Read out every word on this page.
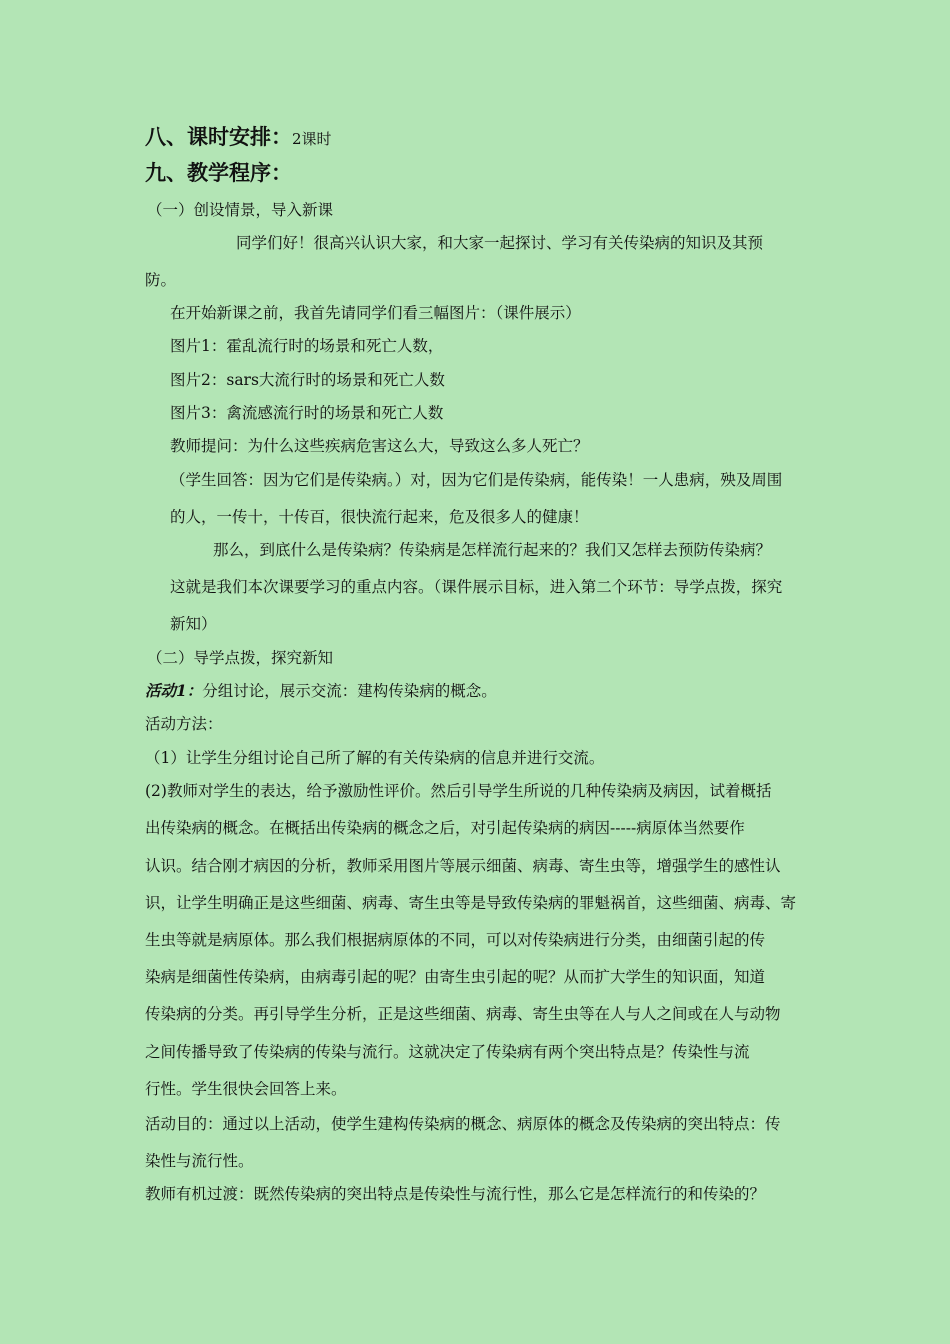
八、课时安排：2课时
九、教学程序：
（一）创设情景，导入新课
同学们好！很高兴认识大家，和大家一起探讨、学习有关传染病的知识及其预
防。
在开始新课之前，我首先请同学们看三幅图片：（课件展示）
图片1：霍乱流行时的场景和死亡人数，
图片2：sars大流行时的场景和死亡人数
图片3：禽流感流行时的场景和死亡人数
教师提问：为什么这些疾病危害这么大，导致这么多人死亡？
（学生回答：因为它们是传染病。）对，因为它们是传染病，能传染！一人患病，殃及周围
的人，一传十，十传百，很快流行起来，危及很多人的健康！
那么，到底什么是传染病？传染病是怎样流行起来的？我们又怎样去预防传染病？
这就是我们本次课要学习的重点内容。（课件展示目标，进入第二个环节：导学点拨，探究
新知）
（二）导学点拨，探究新知
活动1：分组讨论，展示交流：建构传染病的概念。
活动方法：
（1）让学生分组讨论自己所了解的有关传染病的信息并进行交流。
(2)教师对学生的表达，给予激励性评价。然后引导学生所说的几种传染病及病因，试着概括
出传染病的概念。在概括出传染病的概念之后，对引起传染病的病因-----病原体当然要作
认识。结合刚才病因的分析，教师采用图片等展示细菌、病毒、寄生虫等，增强学生的感性认
识，让学生明确正是这些细菌、病毒、寄生虫等是导致传染病的罪魁祸首，这些细菌、病毒、寄
生虫等就是病原体。那么我们根据病原体的不同，可以对传染病进行分类，由细菌引起的传
染病是细菌性传染病，由病毒引起的呢？由寄生虫引起的呢？从而扩大学生的知识面，知道
传染病的分类。再引导学生分析，正是这些细菌、病毒、寄生虫等在人与人之间或在人与动物
之间传播导致了传染病的传染与流行。这就决定了传染病有两个突出特点是？传染性与流
行性。学生很快会回答上来。
活动目的：通过以上活动，使学生建构传染病的概念、病原体的概念及传染病的突出特点：传
染性与流行性。
教师有机过渡：既然传染病的突出特点是传染性与流行性，那么它是怎样流行的和传染的？
